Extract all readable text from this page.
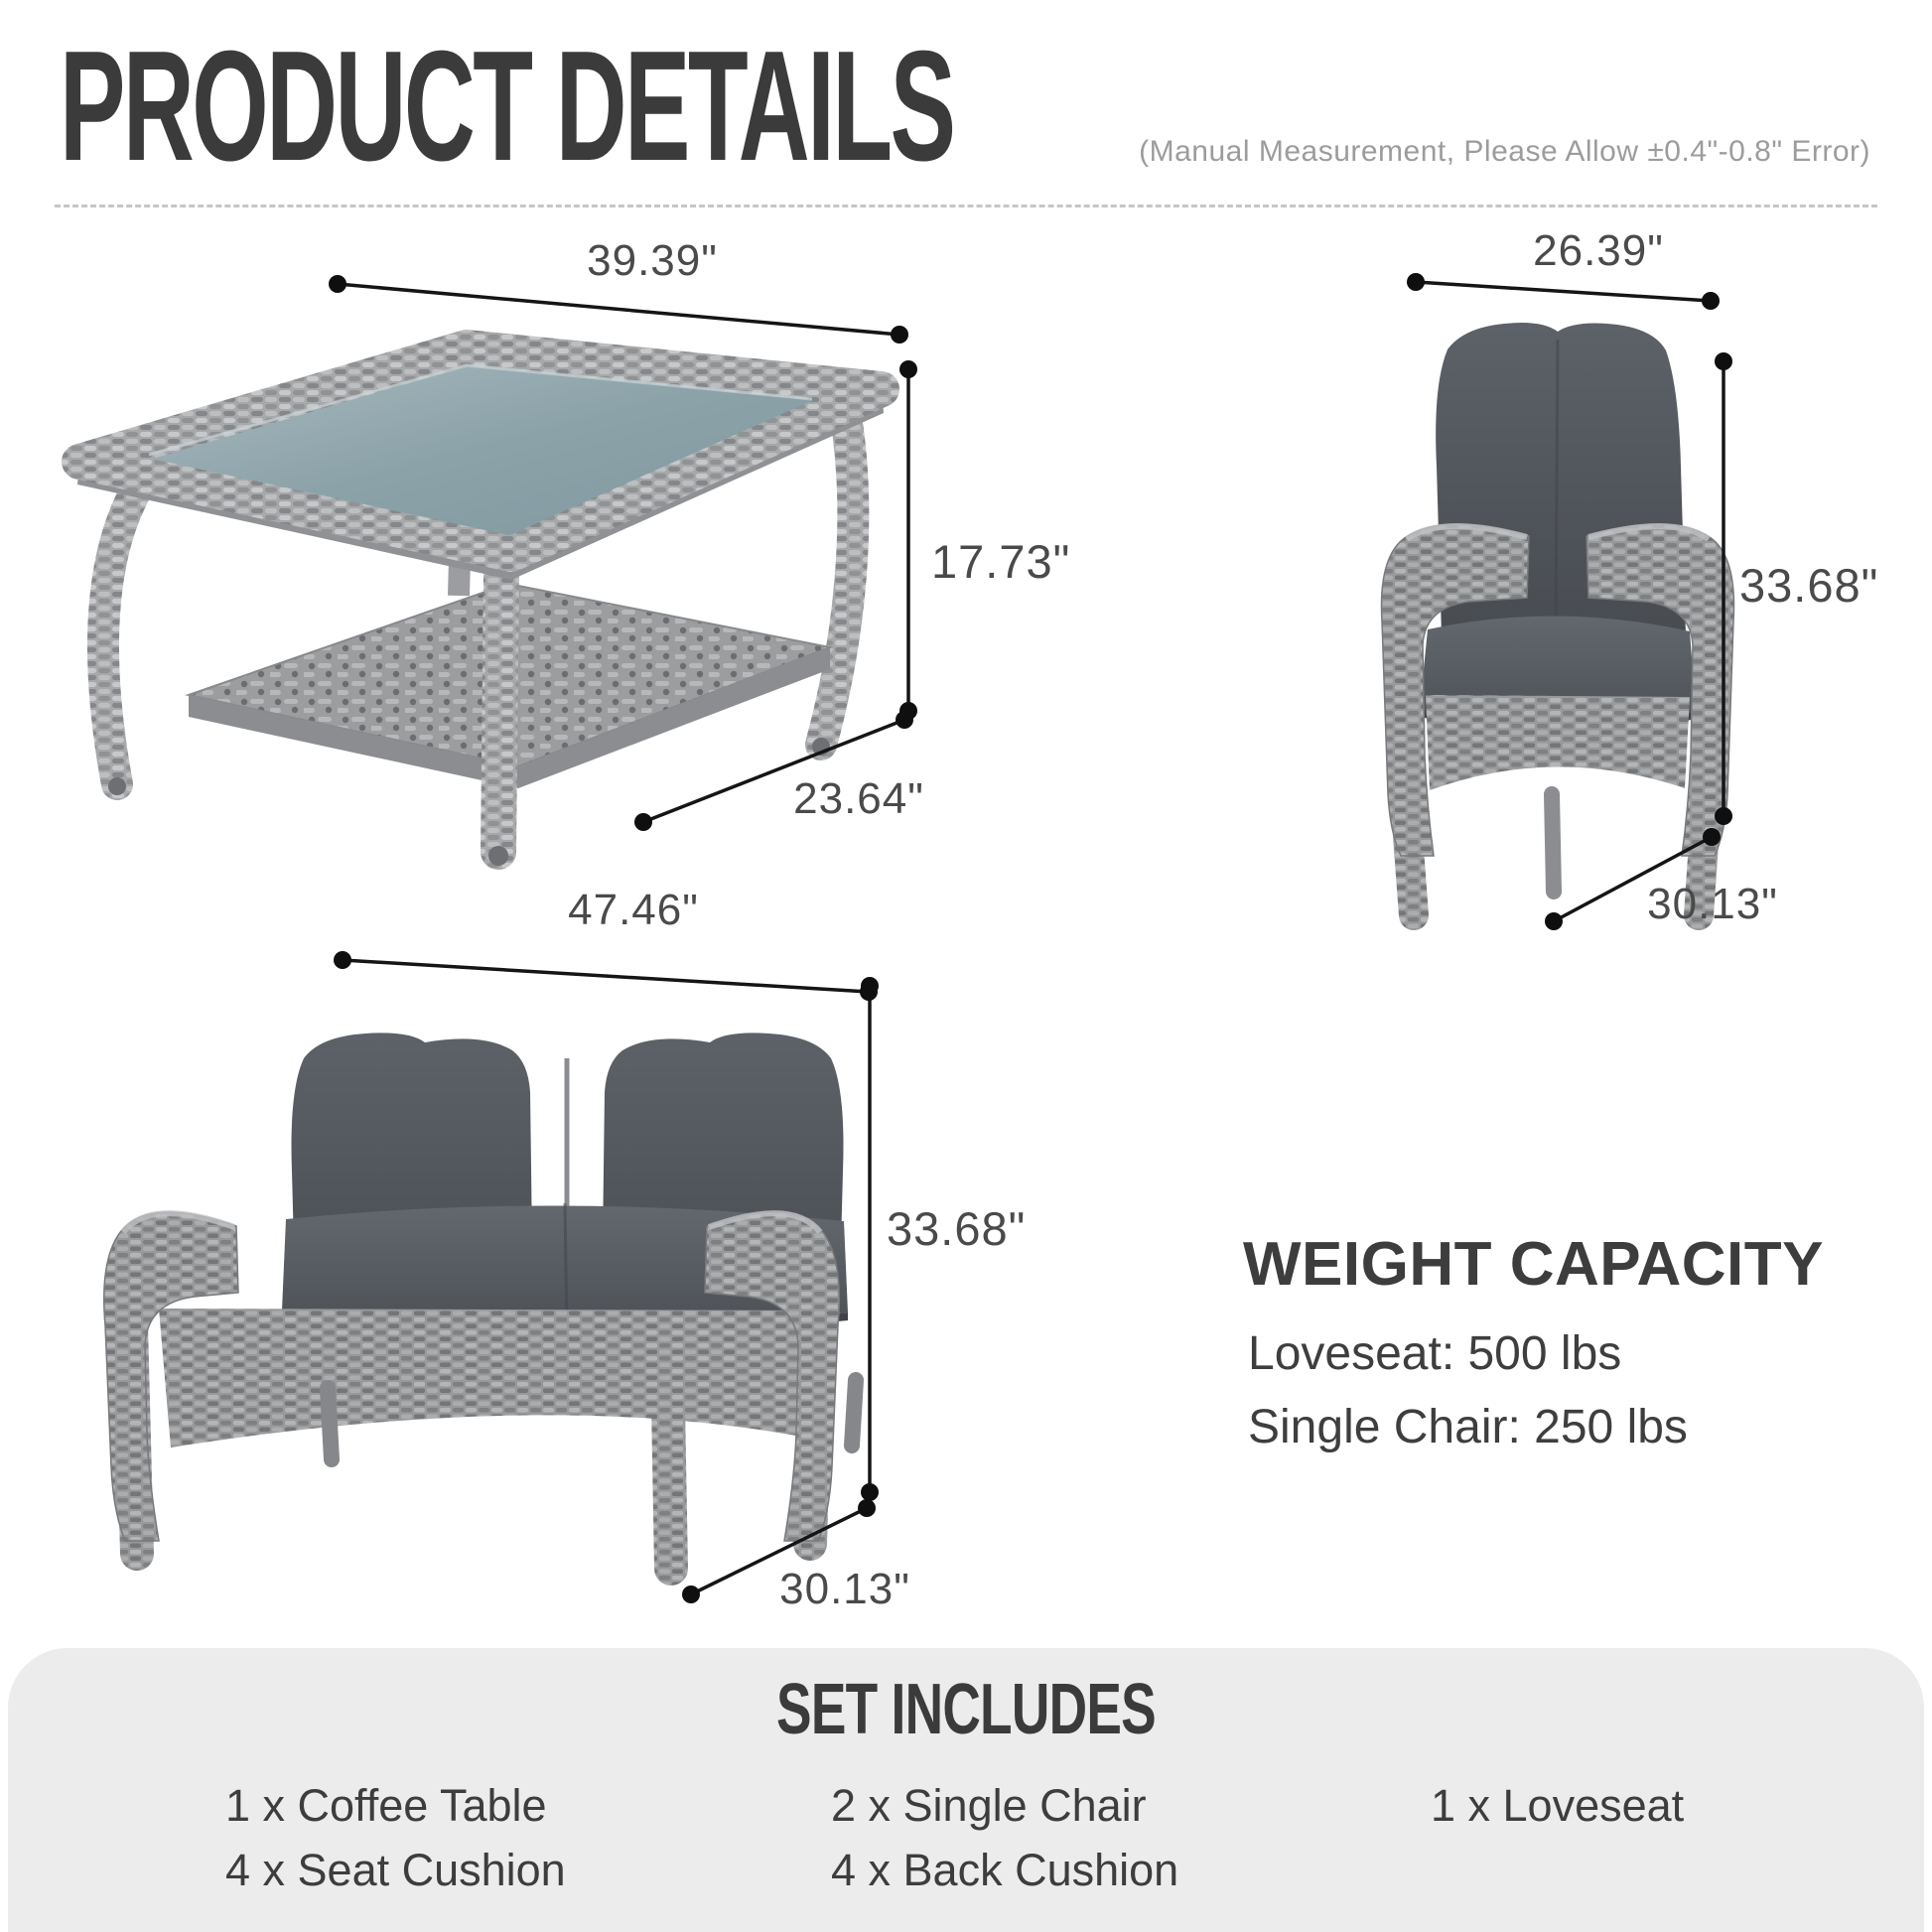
PRODUCT DETAILS	(Manual Measurement, Please Allow ±0.4"-0.8" Error)
39.39"
17.73"
23.64"
26.39"
33.68"
30.13"
47.46"
33.68"
30.13"
WEIGHT CAPACITY
Loveseat: 500 lbs
Single Chair: 250 lbs
SET INCLUDES
1 x Coffee Table	2 x Single Chair	1 x Loveseat
4 x Seat Cushion	4 x Back Cushion
